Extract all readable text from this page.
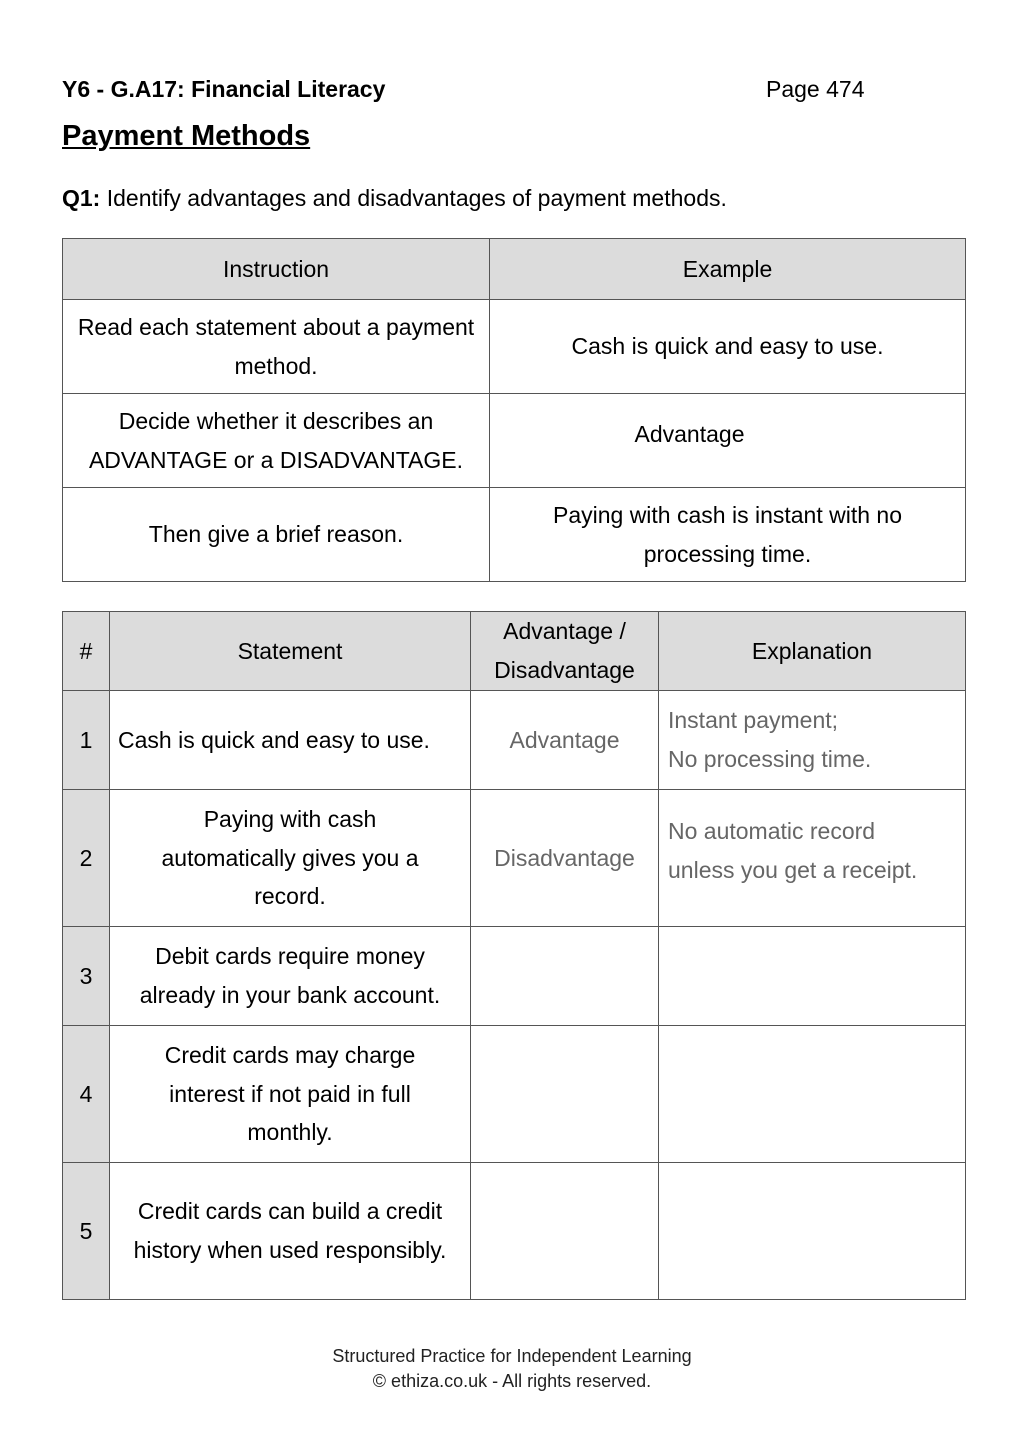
Y6 - G.A17: Financial Literacy	Page 474
Payment Methods
Q1: Identify advantages and disadvantages of payment methods.
Instruction	Example
Read each statement about a payment method.	Cash is quick and easy to use.
Decide whether it describes an ADVANTAGE or a DISADVANTAGE.	Advantage
Then give a brief reason.	Paying with cash is instant with no processing time.
#	Statement	Advantage / Disadvantage	Explanation
1	Cash is quick and easy to use.	Advantage	Instant payment;
No processing time.

2	Paying with cash automatically gives you a record.	Disadvantage	No automatic record
unless you get a receipt.

3	Debit cards require money already in your bank account.		

4	Credit cards may charge interest if not paid in full monthly.		

5	Credit cards can build a credit history when used responsibly.		
Structured Practice for Independent Learning
© ethiza.co.uk - All rights reserved.
